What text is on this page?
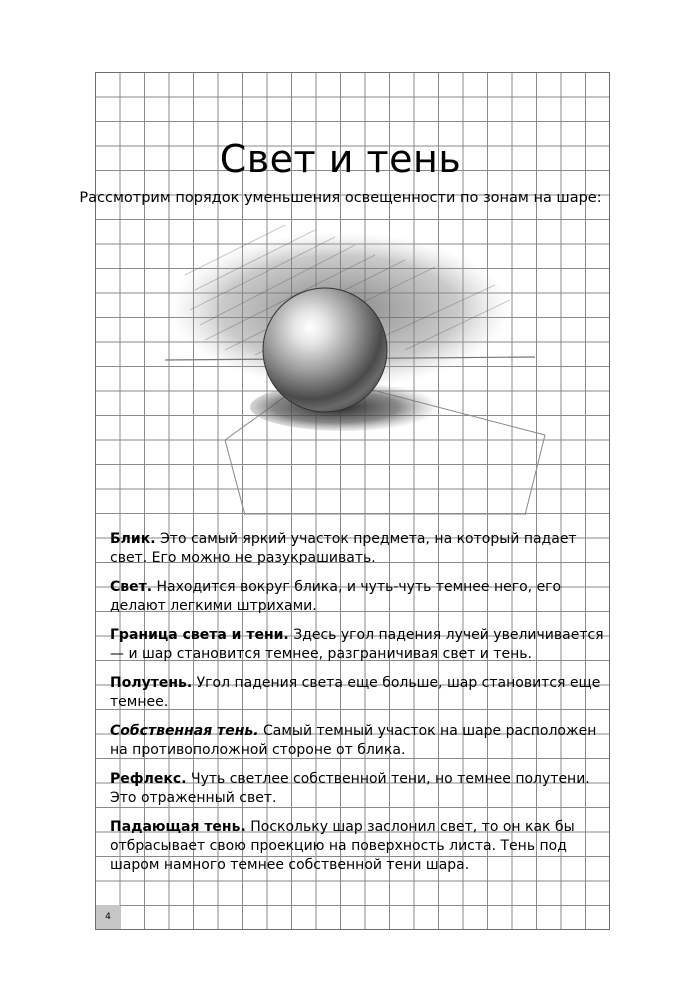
Свет и тень
Рассмотрим порядок уменьшения освещенности по зонам на шаре:

Блик. Это самый яркий участок предмета, на который падает свет. Его можно не разукрашивать.

Свет. Находится вокруг блика, и чуть-чуть темнее него, его делают легкими штрихами.

Граница света и тени. Здесь угол падения лучей увеличивается — и шар становится темнее, разграничивая свет и тень.

Полутень. Угол падения света еще больше, шар становится еще темнее.

Собственная тень. Самый темный участок на шаре расположен на противоположной стороне от блика.

Рефлекс. Чуть светлее собственной тени, но темнее полутени. Это отраженный свет.

Падающая тень. Поскольку шар заслонил свет, то он как бы отбрасывает свою проекцию на поверхность листа. Тень под шаром намного темнее собственной тени шара.

4
